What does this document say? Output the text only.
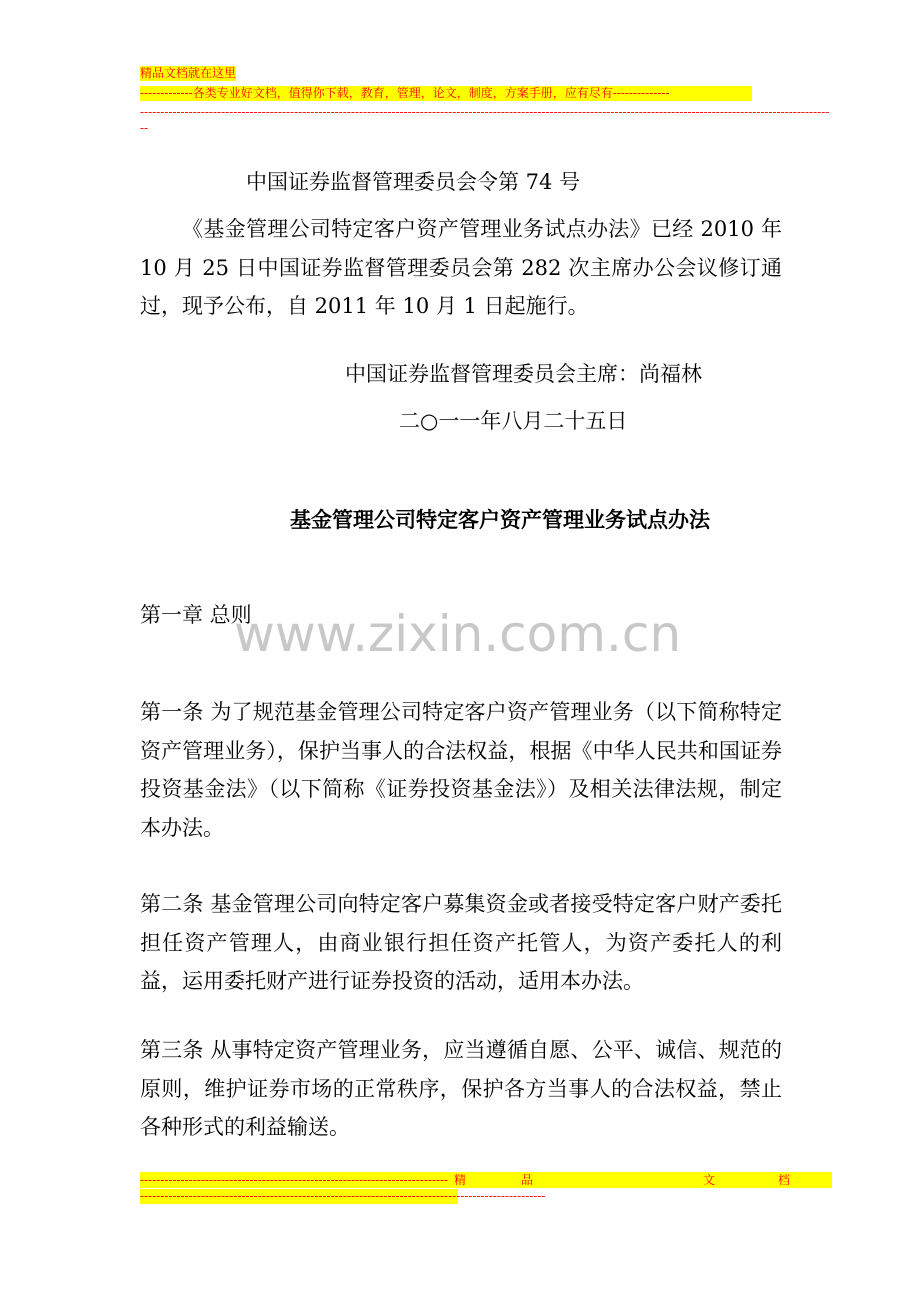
精品文档就在这里
-------------各类专业好文档，值得你下载，教育，管理，论文，制度，方案手册，应有尽有--------------
--------------------------------------------------------------------------------------------------------------------------------------------------------------------------
--
中国证券监督管理委员会令第 74 号
《基金管理公司特定客户资产管理业务试点办法》已经 2010 年 10 月 25 日中国证券监督管理委员会第 282 次主席办公会议修订通过，现予公布，自 2011 年 10 月 1 日起施行。
中国证券监督管理委员会主席：尚福林
二○一一年八月二十五日
基金管理公司特定客户资产管理业务试点办法
www.zixin.com.cn
第一章 总则
第一条 为了规范基金管理公司特定客户资产管理业务（以下简称特定资产管理业务），保护当事人的合法权益，根据《中华人民共和国证券投资基金法》（以下简称《证券投资基金法》）及相关法律法规，制定本办法。
第二条 基金管理公司向特定客户募集资金或者接受特定客户财产委托担任资产管理人，由商业银行担任资产托管人，为资产委托人的利益，运用委托财产进行证券投资的活动，适用本办法。
第三条 从事特定资产管理业务，应当遵循自愿、公平、诚信、规范的原则，维护证券市场的正常秩序，保护各方当事人的合法权益，禁止各种形式的利益输送。
---------------------------------------------------------------------------- 精	品	文	档
----------------------------------------------------------------------------------------------------
